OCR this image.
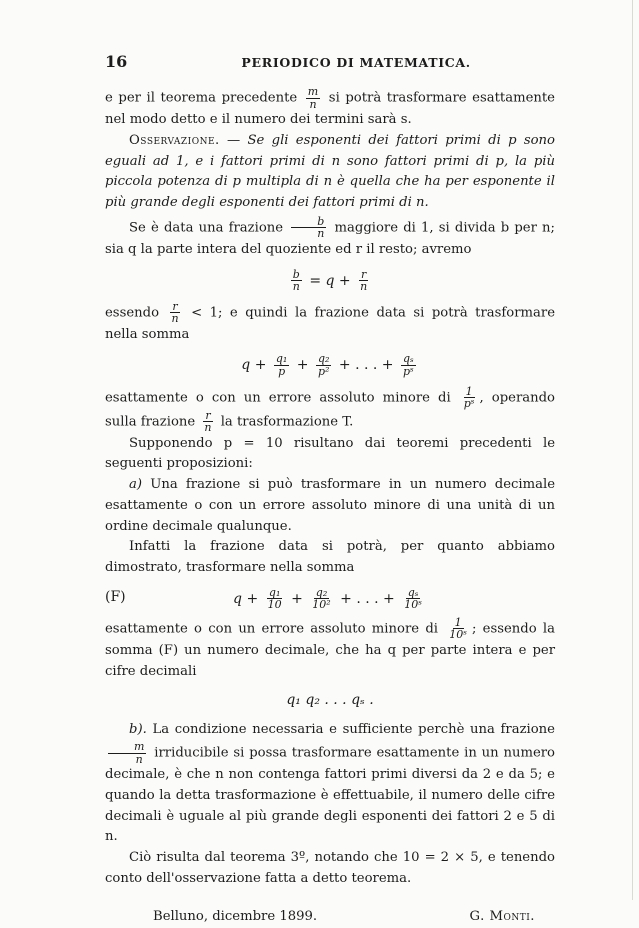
16	PERIODICO DI MATEMATICA.

e per il teorema precedente $\frac{m}{n}$ si potrà trasformare esattamente nel modo detto e il numero dei termini sarà s.

Osservazione. — Se gli esponenti dei fattori primi di p sono eguali ad 1, e i fattori primi di n sono fattori primi di p, la più piccola potenza di p multipla di n è quella che ha per esponente il più grande degli esponenti dei fattori primi di n.

Se è data una frazione $\frac{b}{n}$ maggiore di 1, si divida b per n; sia q la parte intera del quoziente ed r il resto; avremo

$\frac{b}{n} = q + \frac{r}{n}$

essendo $\frac{r}{n} < 1$; e quindi la frazione data si potrà trasformare nella somma

$q + \frac{\text{q₁}}{p} + \frac{\text{q₂}}{\text{p²}}$ + . . . + $\frac{\text{qₛ}}{\text{pˢ}}$

esattamente o con un errore assoluto minore di $\frac{1}{\text{pˢ}}$ , operando sulla frazione $\frac{r}{n}$ la trasformazione T.

Supponendo p = 10 risultano dai teoremi precedenti le seguenti proposizioni:

a) Una frazione si può trasformare in un numero decimale esattamente o con un errore assoluto minore di una unità di un ordine decimale qualunque.

Infatti la frazione data si potrà, per quanto abbiamo dimostrato, trasformare nella somma

(F)	$q + \frac{\text{q₁}}{10} + \frac{\text{q₂}}{\text{10²}}$ + . . . + $\frac{\text{qₛ}}{\text{10ˢ}}$

esattamente o con un errore assoluto minore di $\frac{1}{\text{10ˢ}}$ ; essendo la somma (F) un numero decimale, che ha q per parte intera e per cifre decimali

q₁ q₂ . . . qₛ .

b). La condizione necessaria e sufficiente perchè una frazione
$\frac{m}{n}$ irriducibile si possa trasformare esattamente in un numero decimale, è che n non contenga fattori primi diversi da 2 e da 5; e quando la detta trasformazione è effettuabile, il numero delle cifre decimali è uguale al più grande degli esponenti dei fattori 2 e 5 di n.

Ciò risulta dal teorema 3º, notando che 10 = 2 × 5, e tenendo conto dell'osservazione fatta a detto teorema.

Belluno, dicembre 1899.	G. Monti.
